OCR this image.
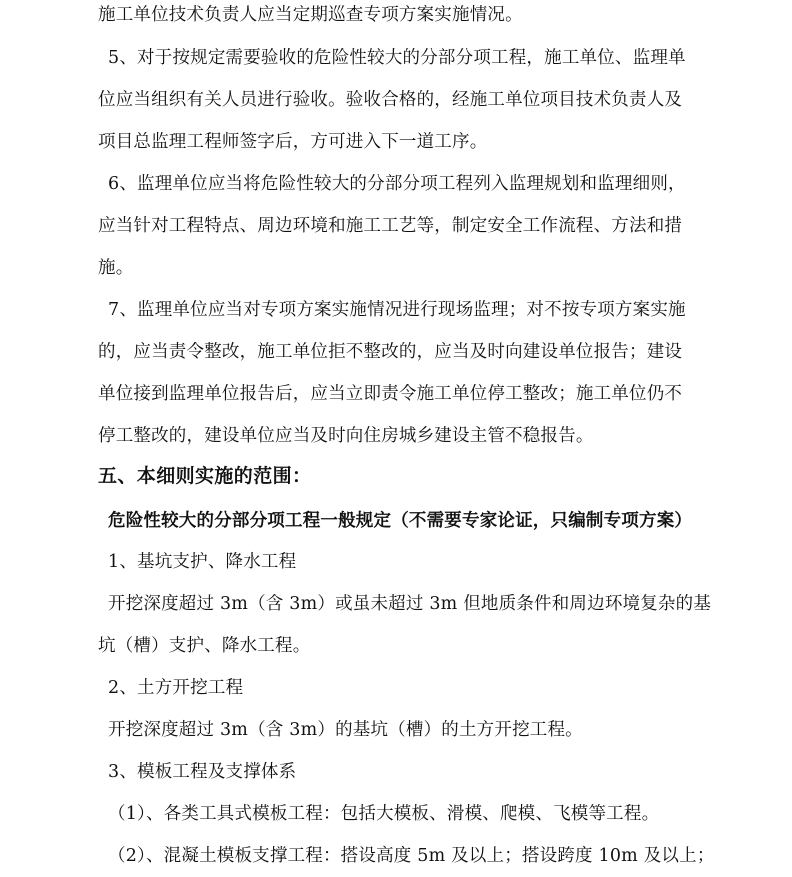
施工单位技术负责人应当定期巡查专项方案实施情况。
5、对于按规定需要验收的危险性较大的分部分项工程，施工单位、监理单
位应当组织有关人员进行验收。验收合格的，经施工单位项目技术负责人及
项目总监理工程师签字后，方可进入下一道工序。
6、监理单位应当将危险性较大的分部分项工程列入监理规划和监理细则，
应当针对工程特点、周边环境和施工工艺等，制定安全工作流程、方法和措
施。
7、监理单位应当对专项方案实施情况进行现场监理；对不按专项方案实施
的，应当责令整改，施工单位拒不整改的，应当及时向建设单位报告；建设
单位接到监理单位报告后，应当立即责令施工单位停工整改；施工单位仍不
停工整改的，建设单位应当及时向住房城乡建设主管不稳报告。
五、本细则实施的范围：
危险性较大的分部分项工程一般规定（不需要专家论证，只编制专项方案）
1、基坑支护、降水工程
开挖深度超过 3m（含 3m）或虽未超过 3m 但地质条件和周边环境复杂的基
坑（槽）支护、降水工程。
2、土方开挖工程
开挖深度超过 3m（含 3m）的基坑（槽）的土方开挖工程。
3、模板工程及支撑体系
（1）、各类工具式模板工程：包括大模板、滑模、爬模、飞模等工程。
（2）、混凝土模板支撑工程：搭设高度 5m 及以上；搭设跨度 10m 及以上；
